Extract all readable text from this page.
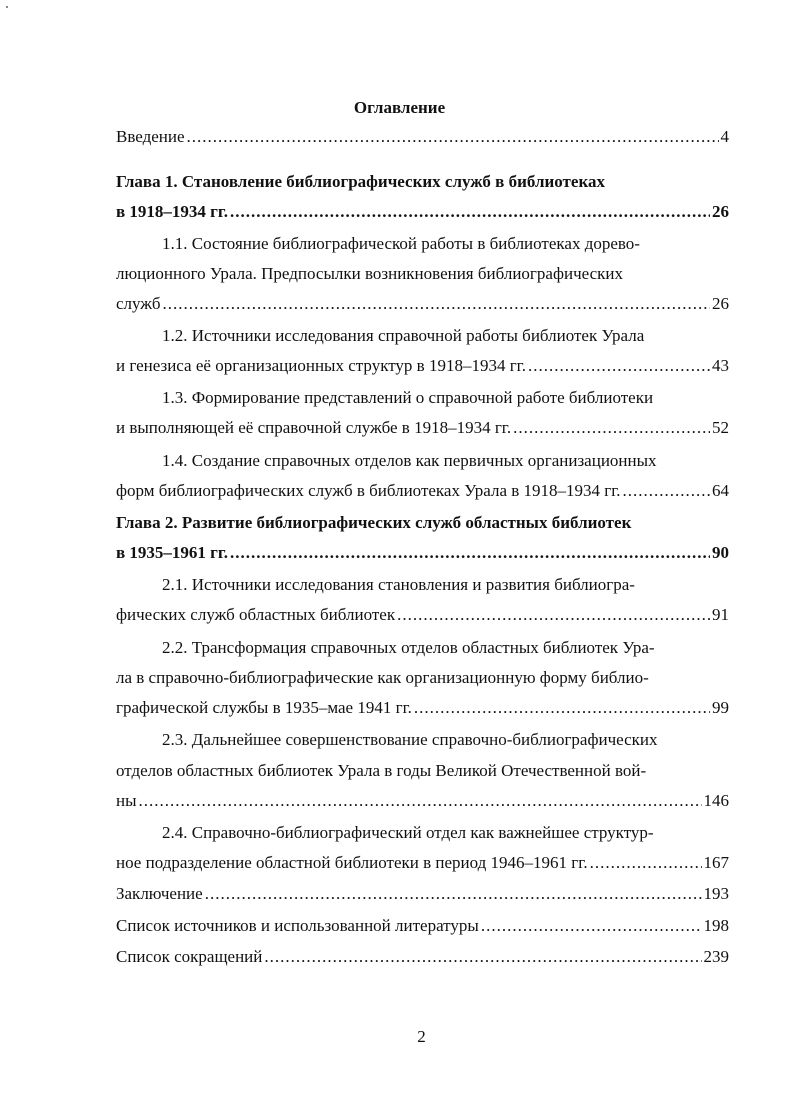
Оглавление
Введение .....	4
Глава 1. Становление библиографических служб в библиотеках
в 1918–1934 гг. .....	26
1.1. Состояние библиографической работы в библиотеках дорево-
люционного Урала. Предпосылки возникновения библиографических
служб .....	26
1.2. Источники исследования справочной работы библиотек Урала
и генезиса её организационных структур в 1918–1934 гг. .....	43
1.3. Формирование представлений о справочной работе библиотеки
и выполняющей её справочной службе в 1918–1934 гг. .....	52
1.4. Создание справочных отделов как первичных организационных
форм библиографических служб в библиотеках Урала в 1918–1934 гг. .....	64
Глава 2. Развитие библиографических служб областных библиотек
в 1935–1961 гг. .....	90
2.1. Источники исследования становления и развития библиогра-
фических служб областных библиотек .....	91
2.2. Трансформация справочных отделов областных библиотек Ура-
ла в справочно-библиографические как организационную форму библио-
графической службы в 1935–мае 1941 гг. .....	99
2.3. Дальнейшее совершенствование справочно-библиографических
отделов областных библиотек Урала в годы Великой Отечественной вой-
ны .....	146
2.4. Справочно-библиографический отдел как важнейшее структур-
ное подразделение областной библиотеки в период 1946–1961 гг. .....	167
Заключение .....	193
Список источников и использованной литературы .....	198
Список сокращений .....	239
2
